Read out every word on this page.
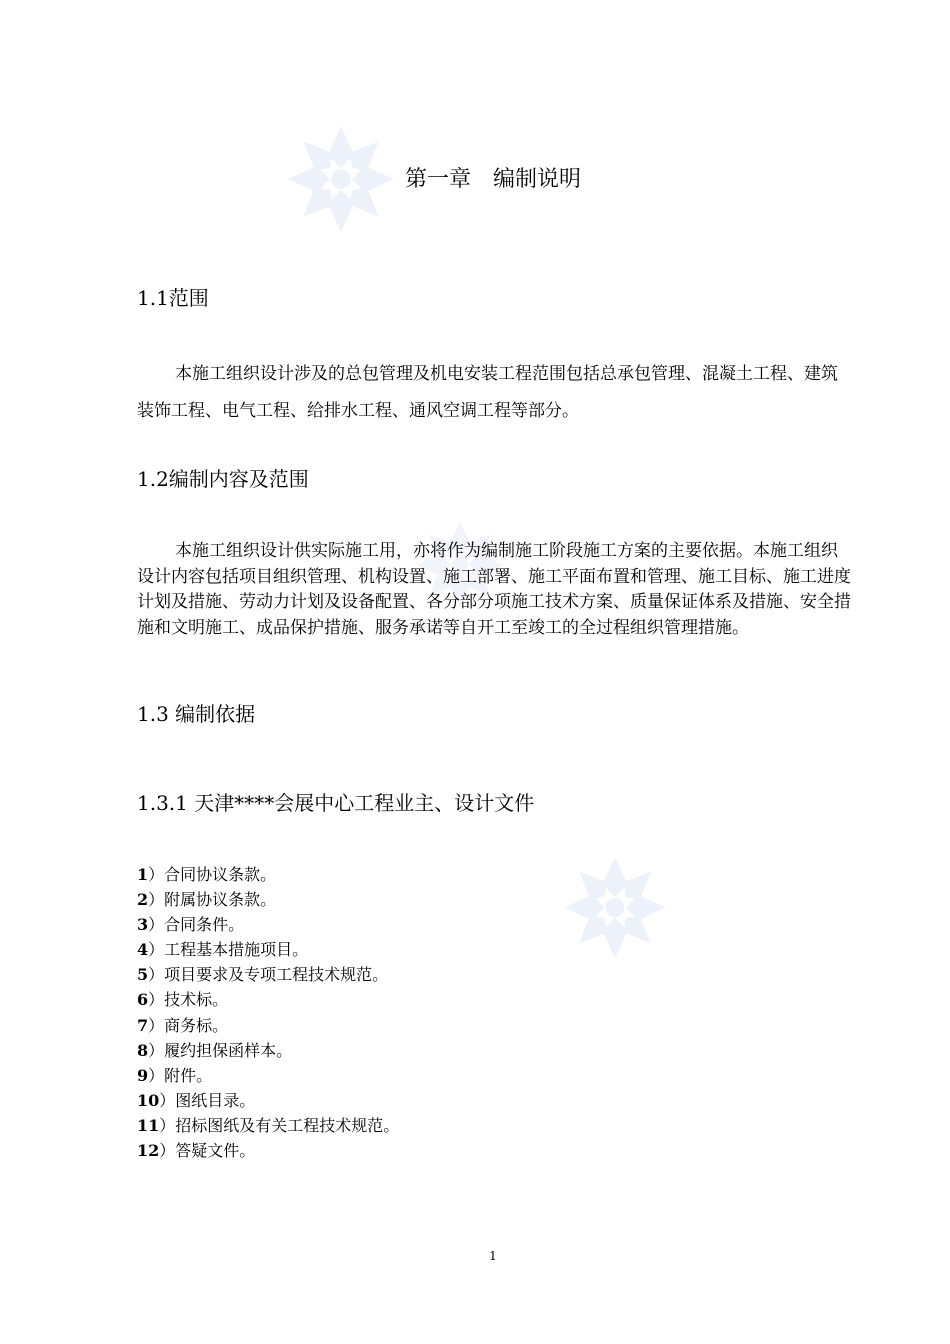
第一章　编制说明
1.1范围
本施工组织设计涉及的总包管理及机电安装工程范围包括总承包管理、混凝土工程、建筑装饰工程、电气工程、给排水工程、通风空调工程等部分。
1.2编制内容及范围
本施工组织设计供实际施工用，亦将作为编制施工阶段施工方案的主要依据。本施工组织设计内容包括项目组织管理、机构设置、施工部署、施工平面布置和管理、施工目标、施工进度计划及措施、劳动力计划及设备配置、各分部分项施工技术方案、质量保证体系及措施、安全措施和文明施工、成品保护措施、服务承诺等自开工至竣工的全过程组织管理措施。
1.3 编制依据
1.3.1 天津****会展中心工程业主、设计文件
1）合同协议条款。
2）附属协议条款。
3）合同条件。
4）工程基本措施项目。
5）项目要求及专项工程技术规范。
6）技术标。
7）商务标。
8）履约担保函样本。
9）附件。
10）图纸目录。
11）招标图纸及有关工程技术规范。
12）答疑文件。
1
